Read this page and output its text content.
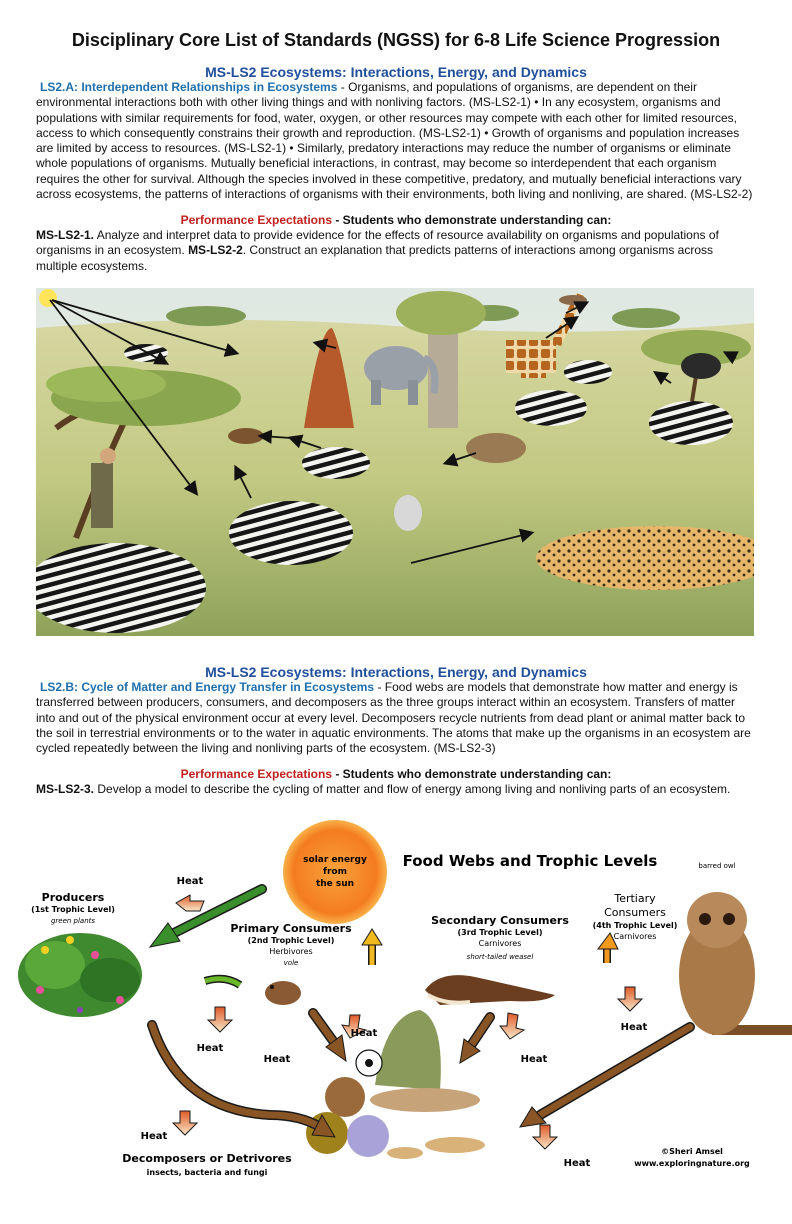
Disciplinary Core List of Standards (NGSS) for 6-8 Life Science Progression
MS-LS2 Ecosystems: Interactions, Energy, and Dynamics
LS2.A: Interdependent Relationships in Ecosystems - Organisms, and populations of organisms, are dependent on their environmental interactions both with other living things and with nonliving factors. (MS-LS2-1) • In any ecosystem, organisms and populations with similar requirements for food, water, oxygen, or other resources may compete with each other for limited resources, access to which consequently constrains their growth and reproduction. (MS-LS2-1) • Growth of organisms and population increases are limited by access to resources. (MS-LS2-1) • Similarly, predatory interactions may reduce the number of organisms or eliminate whole populations of organisms. Mutually beneficial interactions, in contrast, may become so interdependent that each organism requires the other for survival. Although the species involved in these competitive, predatory, and mutually beneficial interactions vary across ecosystems, the patterns of interactions of organisms with their environments, both living and nonliving, are shared. (MS-LS2-2)
Performance Expectations - Students who demonstrate understanding can:
MS-LS2-1. Analyze and interpret data to provide evidence for the effects of resource availability on organisms and populations of organisms in an ecosystem. MS-LS2-2. Construct an explanation that predicts patterns of interactions among organisms across multiple ecosystems.
MS-LS2 Ecosystems: Interactions, Energy, and Dynamics
LS2.B: Cycle of Matter and Energy Transfer in Ecosystems - Food webs are models that demonstrate how matter and energy is transferred between producers, consumers, and decomposers as the three groups interact within an ecosystem. Transfers of matter into and out of the physical environment occur at every level. Decomposers recycle nutrients from dead plant or animal matter back to the soil in terrestrial environments or to the water in aquatic environments. The atoms that make up the organisms in an ecosystem are cycled repeatedly between the living and nonliving parts of the ecosystem. (MS-LS2-3)
Performance Expectations - Students who demonstrate understanding can:
MS-LS2-3. Develop a model to describe the cycling of matter and flow of energy among living and nonliving parts of an ecosystem.
solar energy
from
the sun
Food Webs and Trophic Levels
Producers
(1st Trophic Level)
green plants
Primary Consumers
(2nd Trophic Level)
Herbivores
vole
Secondary Consumers
(3rd Trophic Level)
Carnivores
short-tailed weasel
Tertiary
Consumers
(4th Trophic Level)
Carnivores
barred owl
Heat
Heat
Heat
Heat
Heat
Heat
Heat
Heat
Decomposers or Detrivores
insects, bacteria and fungi
©Sheri Amsel
www.exploringnature.org
